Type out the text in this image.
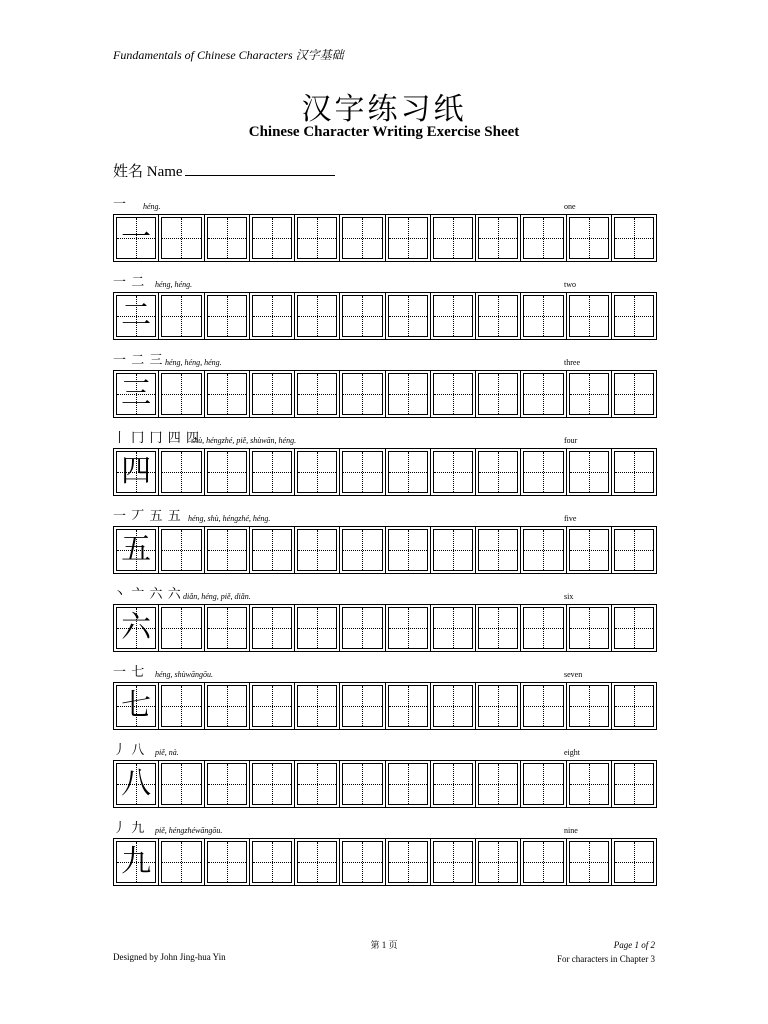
Fundamentals of Chinese Characters 汉字基础
汉字练习纸
Chinese Character Writing Exercise Sheet
姓名 Name
一 héng.	one
一
一 二 héng, héng.	two
二
一 二 三 héng, héng, héng.	three
三
丨 冂 冂 四 四
shù, héngzhé, piě, shùwān, héng.	four
四
一 丆 五 五 héng, shù, héngzhé, héng.	five
五
丶 亠 六 六 diǎn, héng, piě, diǎn.	six
六
一 七 héng, shùwāngōu.	seven
七
丿 八 piě, nà.	eight
八
丿 九 piě, héngzhéwāngōu.	nine
九
第 1 页
Designed by John Jing-hua Yin
Page 1 of 2
For characters in Chapter 3
